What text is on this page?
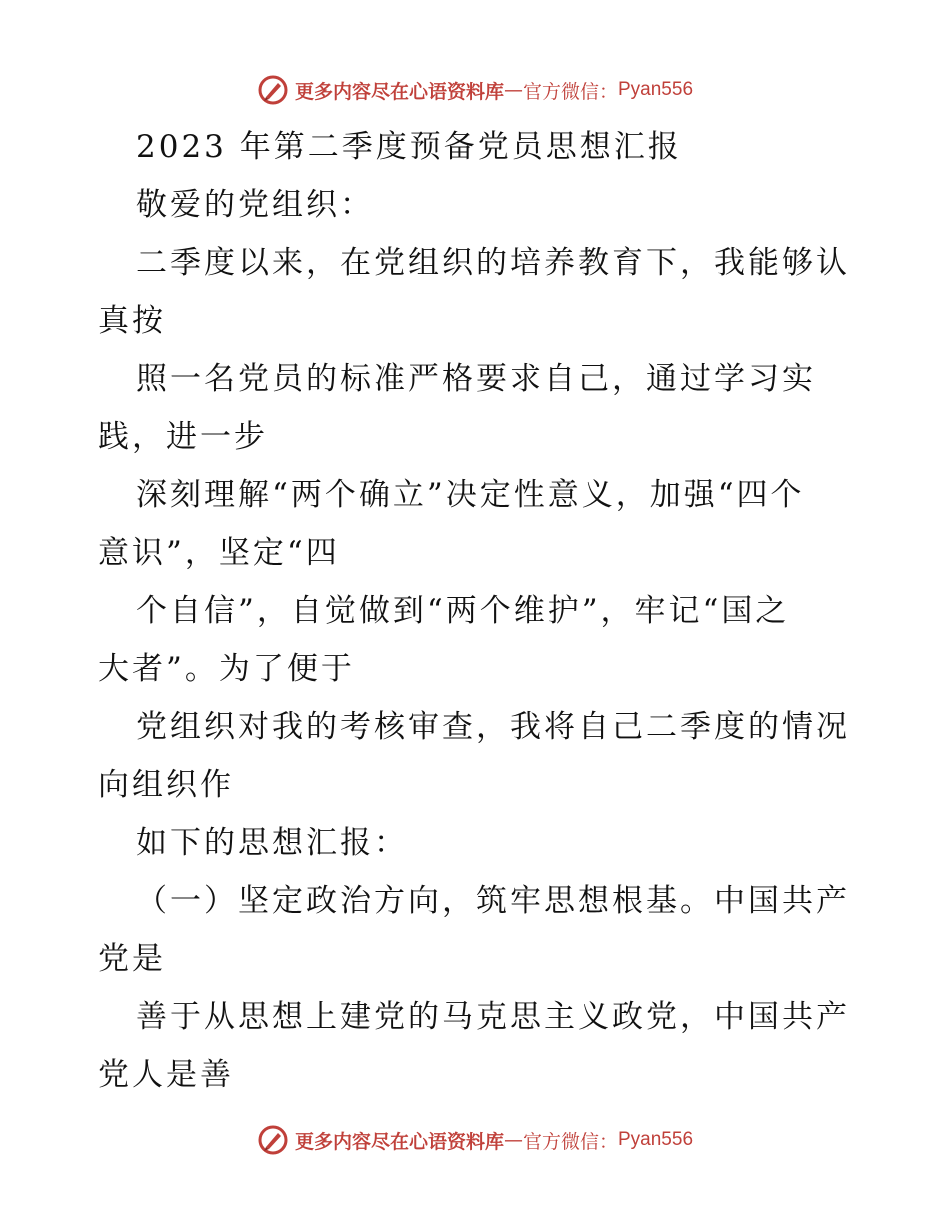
更多内容尽在心语资料库 — 官方微信： Pyan556
2023 年第二季度预备党员思想汇报
敬爱的党组织：
二季度以来，在党组织的培养教育下，我能够认
真按
照一名党员的标准严格要求自己，通过学习实
践，进一步
深刻理解“两个确立”决定性意义，加强“四个
意识”，坚定“四
个自信”，自觉做到“两个维护”，牢记“国之
大者”。为了便于
党组织对我的考核审查，我将自己二季度的情况
向组织作
如下的思想汇报：
（一）坚定政治方向，筑牢思想根基。中国共产
党是
善于从思想上建党的马克思主义政党，中国共产
党人是善
更多内容尽在心语资料库 — 官方微信： Pyan556
